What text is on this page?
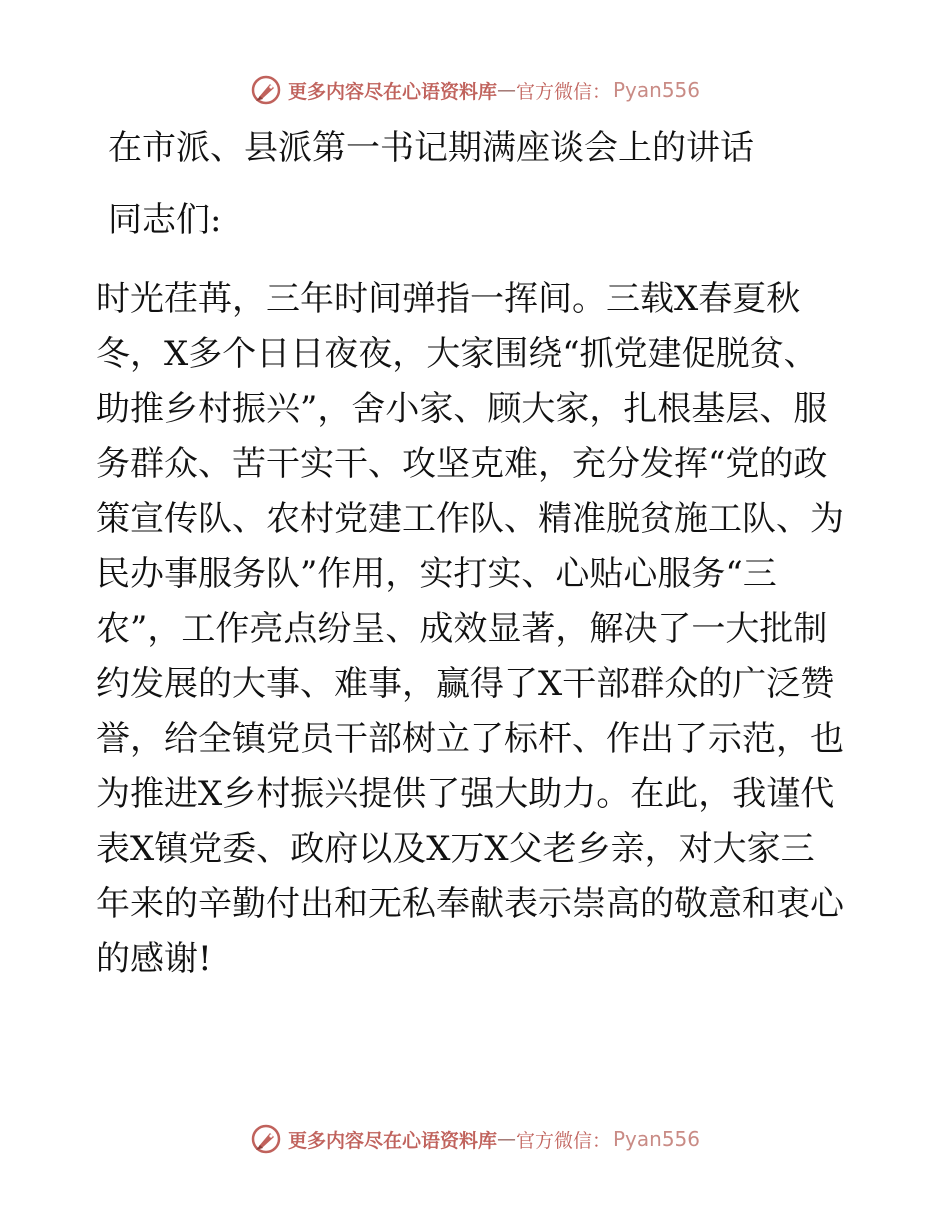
更多内容尽在心语资料库 — 官方微信： Pyan556
在市派、县派第一书记期满座谈会上的讲话
同志们:
时光荏苒，三年时间弹指一挥间。三载X春夏秋
冬，X多个日日夜夜，大家围绕“抓党建促脱贫、
助推乡村振兴”，舍小家、顾大家，扎根基层、服
务群众、苦干实干、攻坚克难，充分发挥“党的政
策宣传队、农村党建工作队、精准脱贫施工队、为
民办事服务队”作用，实打实、心贴心服务“三
农”，工作亮点纷呈、成效显著，解决了一大批制
约发展的大事、难事，赢得了X干部群众的广泛赞
誉，给全镇党员干部树立了标杆、作出了示范，也
为推进X乡村振兴提供了强大助力。在此，我谨代
表X镇党委、政府以及X万X父老乡亲，对大家三
年来的辛勤付出和无私奉献表示崇高的敬意和衷心
的感谢!
更多内容尽在心语资料库 — 官方微信： Pyan556
